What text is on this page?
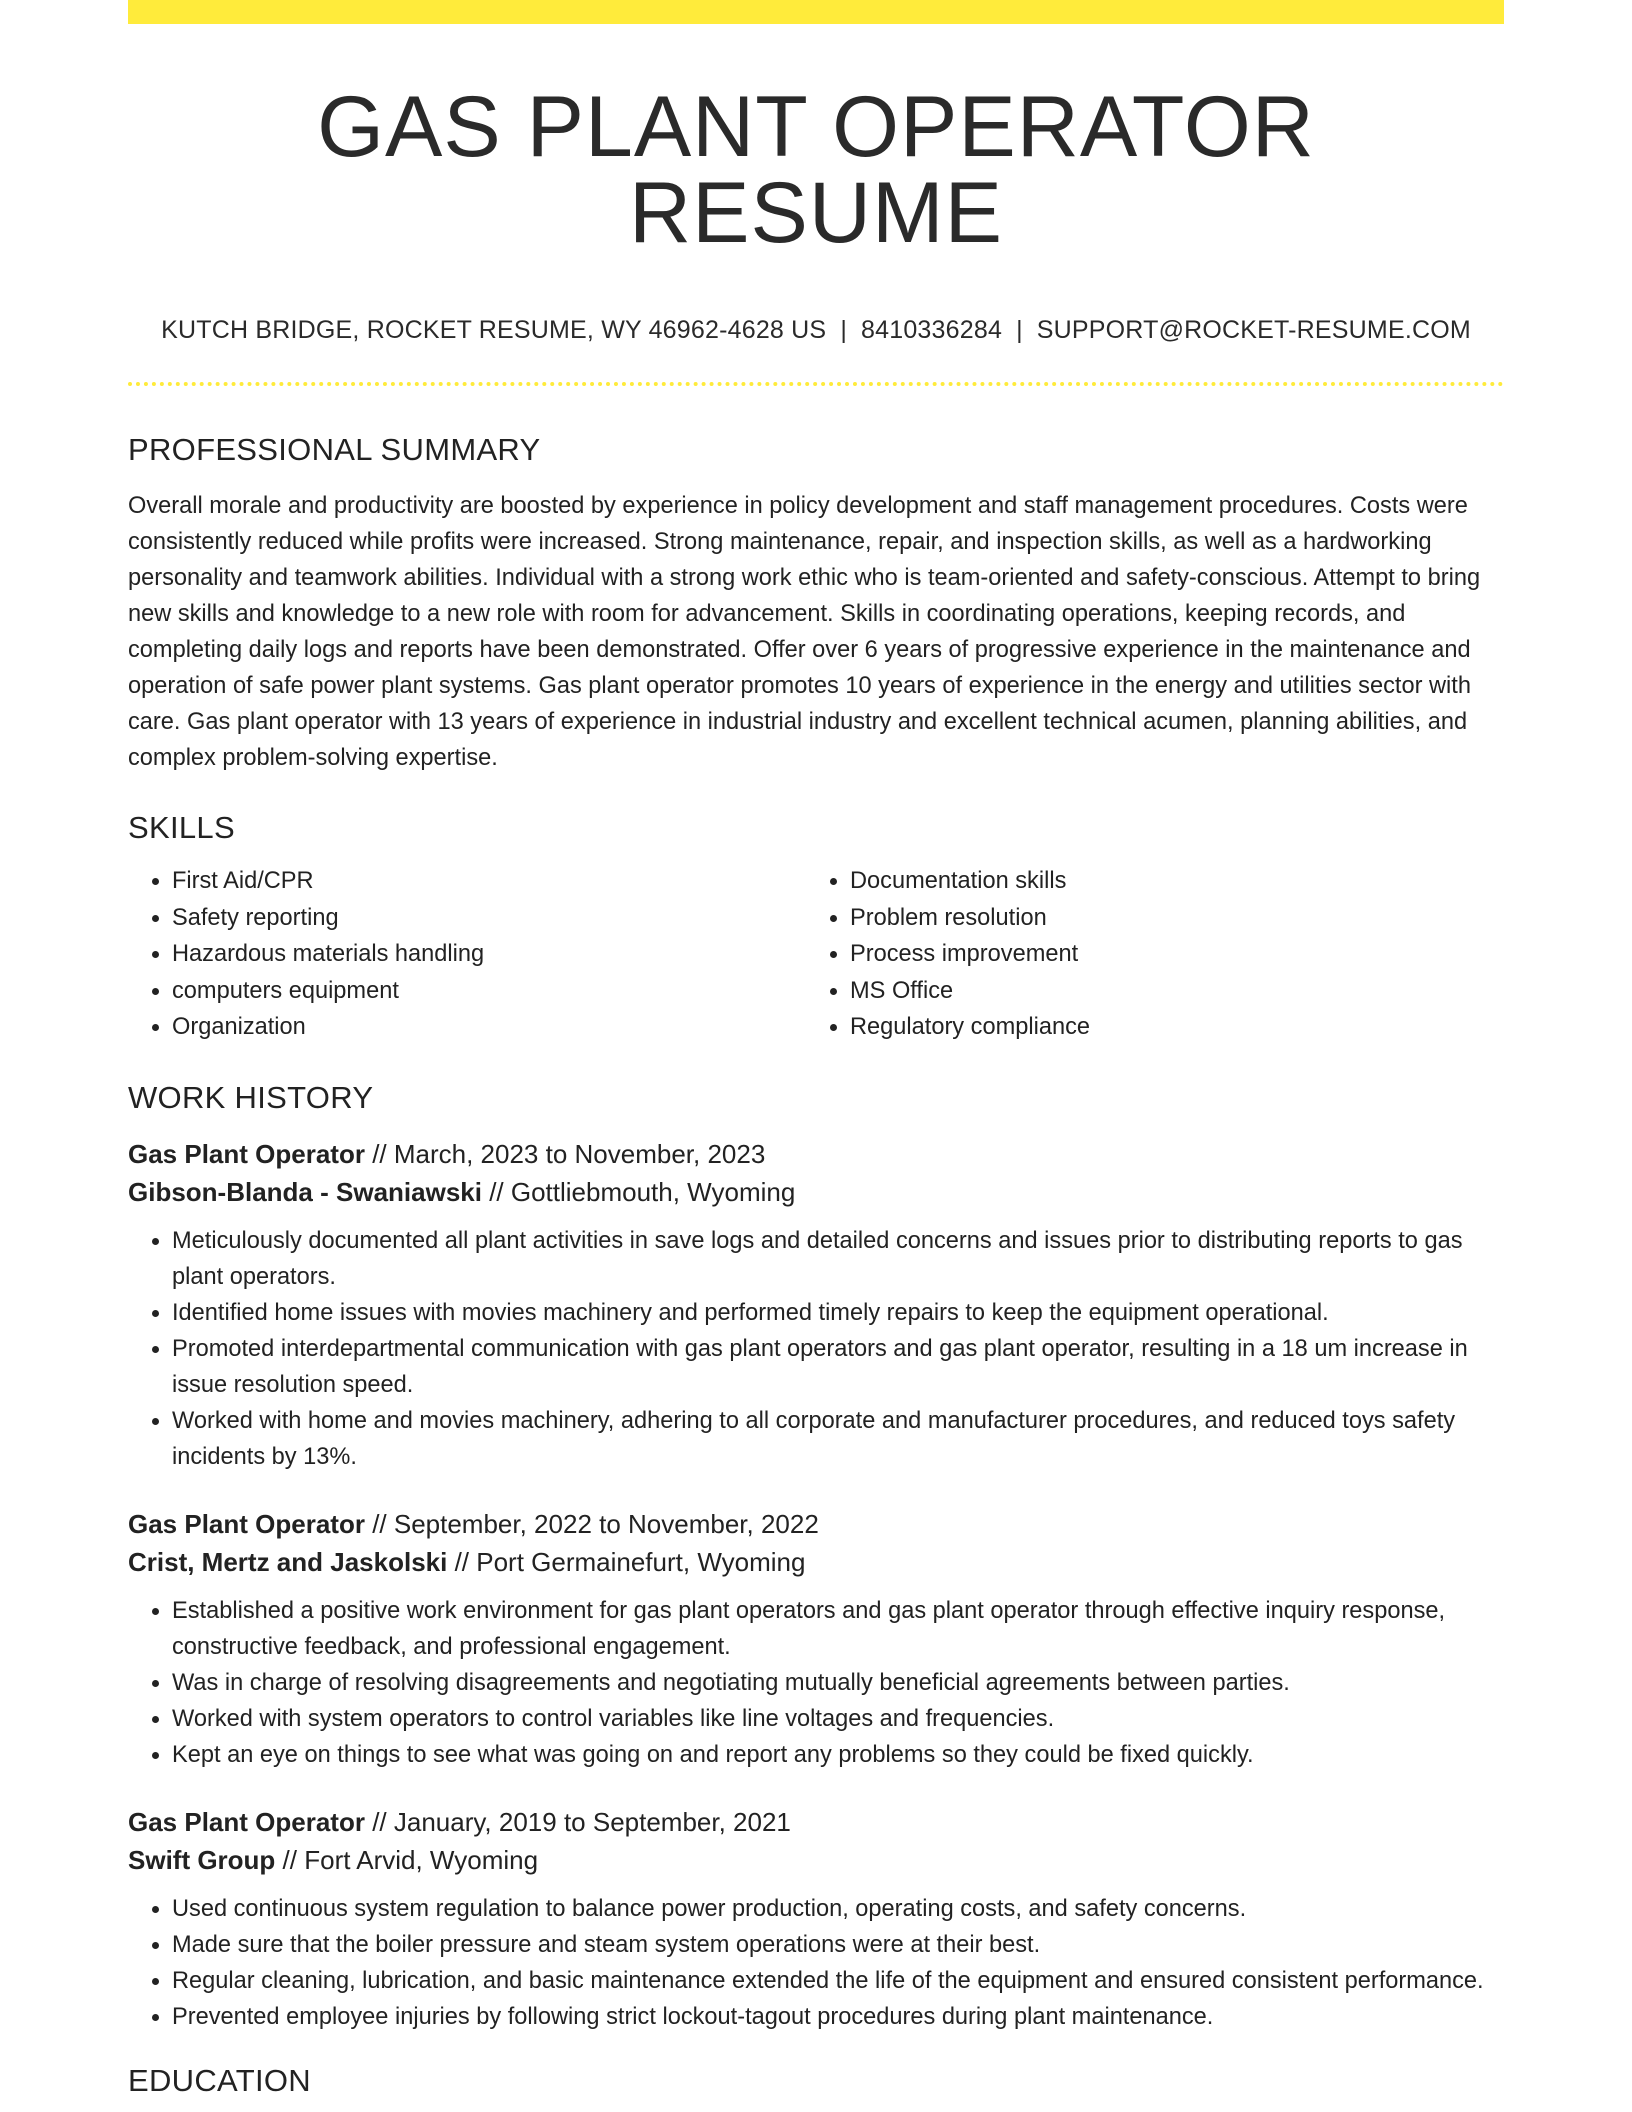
GAS PLANT OPERATOR RESUME
KUTCH BRIDGE, ROCKET RESUME, WY 46962-4628 US | 8410336284 | SUPPORT@ROCKET-RESUME.COM
PROFESSIONAL SUMMARY

Overall morale and productivity are boosted by experience in policy development and staff management procedures. Costs were consistently reduced while profits were increased. Strong maintenance, repair, and inspection skills, as well as a hardworking personality and teamwork abilities. Individual with a strong work ethic who is team-oriented and safety-conscious. Attempt to bring new skills and knowledge to a new role with room for advancement. Skills in coordinating operations, keeping records, and completing daily logs and reports have been demonstrated. Offer over 6 years of progressive experience in the maintenance and operation of safe power plant systems. Gas plant operator promotes 10 years of experience in the energy and utilities sector with care. Gas plant operator with 13 years of experience in industrial industry and excellent technical acumen, planning abilities, and complex problem-solving expertise.

SKILLS
• First Aid/CPR
• Safety reporting
• Hazardous materials handling
• computers equipment
• Organization
• Documentation skills
• Problem resolution
• Process improvement
• MS Office
• Regulatory compliance
WORK HISTORY
Gas Plant Operator // March, 2023 to November, 2023
Gibson-Blanda - Swaniawski // Gottliebmouth, Wyoming
• Meticulously documented all plant activities in save logs and detailed concerns and issues prior to distributing reports to gas plant operators.
• Identified home issues with movies machinery and performed timely repairs to keep the equipment operational.
• Promoted interdepartmental communication with gas plant operators and gas plant operator, resulting in a 18 um increase in issue resolution speed.
• Worked with home and movies machinery, adhering to all corporate and manufacturer procedures, and reduced toys safety incidents by 13%.
Gas Plant Operator // September, 2022 to November, 2022
Crist, Mertz and Jaskolski // Port Germainefurt, Wyoming
• Established a positive work environment for gas plant operators and gas plant operator through effective inquiry response, constructive feedback, and professional engagement.
• Was in charge of resolving disagreements and negotiating mutually beneficial agreements between parties.
• Worked with system operators to control variables like line voltages and frequencies.
• Kept an eye on things to see what was going on and report any problems so they could be fixed quickly.
Gas Plant Operator // January, 2019 to September, 2021
Swift Group // Fort Arvid, Wyoming
• Used continuous system regulation to balance power production, operating costs, and safety concerns.
• Made sure that the boiler pressure and steam system operations were at their best.
• Regular cleaning, lubrication, and basic maintenance extended the life of the equipment and ensured consistent performance.
• Prevented employee injuries by following strict lockout-tagout procedures during plant maintenance.
EDUCATION
